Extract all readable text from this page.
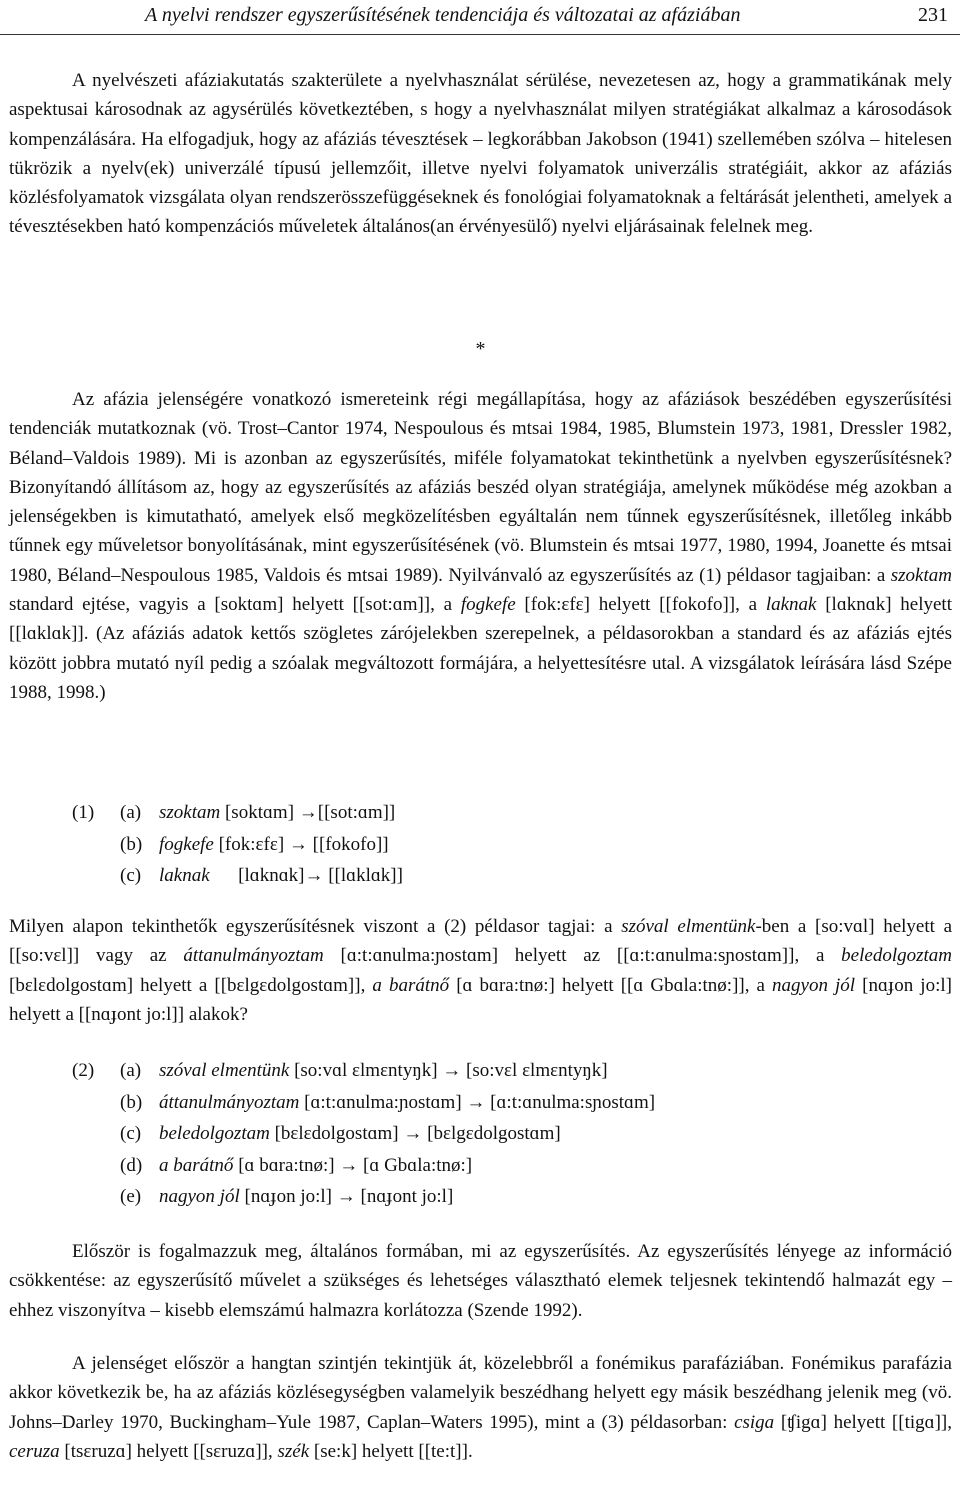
A nyelvi rendszer egyszerűsítésének tendenciája és változatai az afáziában	231

A nyelvészeti afáziakutatás szakterülete a nyelvhasználat sérülése, nevezetesen az, hogy a grammatikának mely aspektusai károsodnak az agysérülés következtében, s hogy a nyelvhasználat milyen stratégiákat alkalmaz a károsodások kompenzálására. Ha elfogadjuk, hogy az afáziás tévesztések – legkorábban Jakobson (1941) szellemében szólva – hitelesen tükrözik a nyelv(ek) univerzálé típusú jellemzőit, illetve nyelvi folyamatok univerzális stratégiáit, akkor az afáziás közlésfolyamatok vizsgálata olyan rendszerösszefüggéseknek és fonológiai folyamatoknak a feltárását jelentheti, amelyek a tévesztésekben ható kompenzációs műveletek általános(an érvényesülő) nyelvi eljárásainak felelnek meg.

*

Az afázia jelenségére vonatkozó ismereteink régi megállapítása, hogy az afáziások beszédében egyszerűsítési tendenciák mutatkoznak (vö. Trost–Cantor 1974, Nespoulous és mtsai 1984, 1985, Blumstein 1973, 1981, Dressler 1982, Béland–Valdois 1989). Mi is azonban az egyszerűsítés, miféle folyamatokat tekinthetünk a nyelvben egyszerűsítésnek? Bizonyítandó állításom az, hogy az egyszerűsítés az afáziás beszéd olyan stratégiája, amelynek működése még azokban a jelenségekben is kimutatható, amelyek első megközelítésben egyáltalán nem tűnnek egyszerűsítésnek, illetőleg inkább tűnnek egy műveletsor bonyolításának, mint egyszerűsítésének (vö. Blumstein és mtsai 1977, 1980, 1994, Joanette és mtsai 1980, Béland–Nespoulous 1985, Valdois és mtsai 1989). Nyilvánvaló az egyszerűsítés az (1) példasor tagjaiban: a szoktam standard ejtése, vagyis a [soktɑm] helyett [[sot:ɑm]], a fogkefe [fok:ɛfɛ] helyett [[fokofo]], a laknak [lɑknɑk] helyett [[lɑklɑk]]. (Az afáziás adatok kettős szögletes zárójelekben szerepelnek, a példasorokban a standard és az afáziás ejtés között jobbra mutató nyíl pedig a szóalak megváltozott formájára, a helyettesítésre utal. A vizsgálatok leírására lásd Szépe 1988, 1998.)

(1) (a) szoktam [soktɑm] →[[sot:ɑm]]
(b) fogkefe [fok:ɛfɛ] → [[fokofo]]
(c) laknak      [lɑknɑk]→ [[lɑklɑk]]

Milyen alapon tekinthetők egyszerűsítésnek viszont a (2) példasor tagjai: a szóval elmentünk-ben a [so:vɑl] helyett a [[so:vɛl]] vagy az áttanulmányoztam [ɑ:t:ɑnulma:ɲostɑm] helyett az [[ɑ:t:ɑnulma:sɲostɑm]], a beledolgoztam [bɛlɛdolgostɑm] helyett a [[bɛlgɛdolgostɑm]], a barátnő [ɑ bɑra:tnø:] helyett [[ɑ Gbɑla:tnø:]], a nagyon jól [nɑɟon jo:l] helyett a [[nɑɟont jo:l]] alakok?

(2) (a) szóval elmentünk [so:vɑl ɛlmɛntyŋk] → [so:vɛl ɛlmɛntyŋk]
(b) áttanulmányoztam [ɑ:t:ɑnulma:ɲostɑm] → [ɑ:t:ɑnulma:sɲostɑm]
(c) beledolgoztam [bɛlɛdolgostɑm] → [bɛlgɛdolgostɑm]
(d) a barátnő [ɑ bɑra:tnø:] → [ɑ Gbɑla:tnø:]
(e) nagyon jól [nɑɟon jo:l] → [nɑɟont jo:l]

Először is fogalmazzuk meg, általános formában, mi az egyszerűsítés. Az egyszerűsítés lényege az információ csökkentése: az egyszerűsítő művelet a szükséges és lehetséges választható elemek teljesnek tekintendő halmazát egy – ehhez viszonyítva – kisebb elemszámú halmazra korlátozza (Szende 1992).

A jelenséget először a hangtan szintjén tekintjük át, közelebbről a fonémikus parafáziában. Fonémikus parafázia akkor következik be, ha az afáziás közlésegységben valamelyik beszédhang helyett egy másik beszédhang jelenik meg (vö. Johns–Darley 1970, Buckingham–Yule 1987, Caplan–Waters 1995), mint a (3) példasorban: csiga [ʧigɑ] helyett [[tigɑ]], ceruza [tsɛruzɑ] helyett [[sɛruzɑ]], szék [se:k] helyett [[te:t]].
